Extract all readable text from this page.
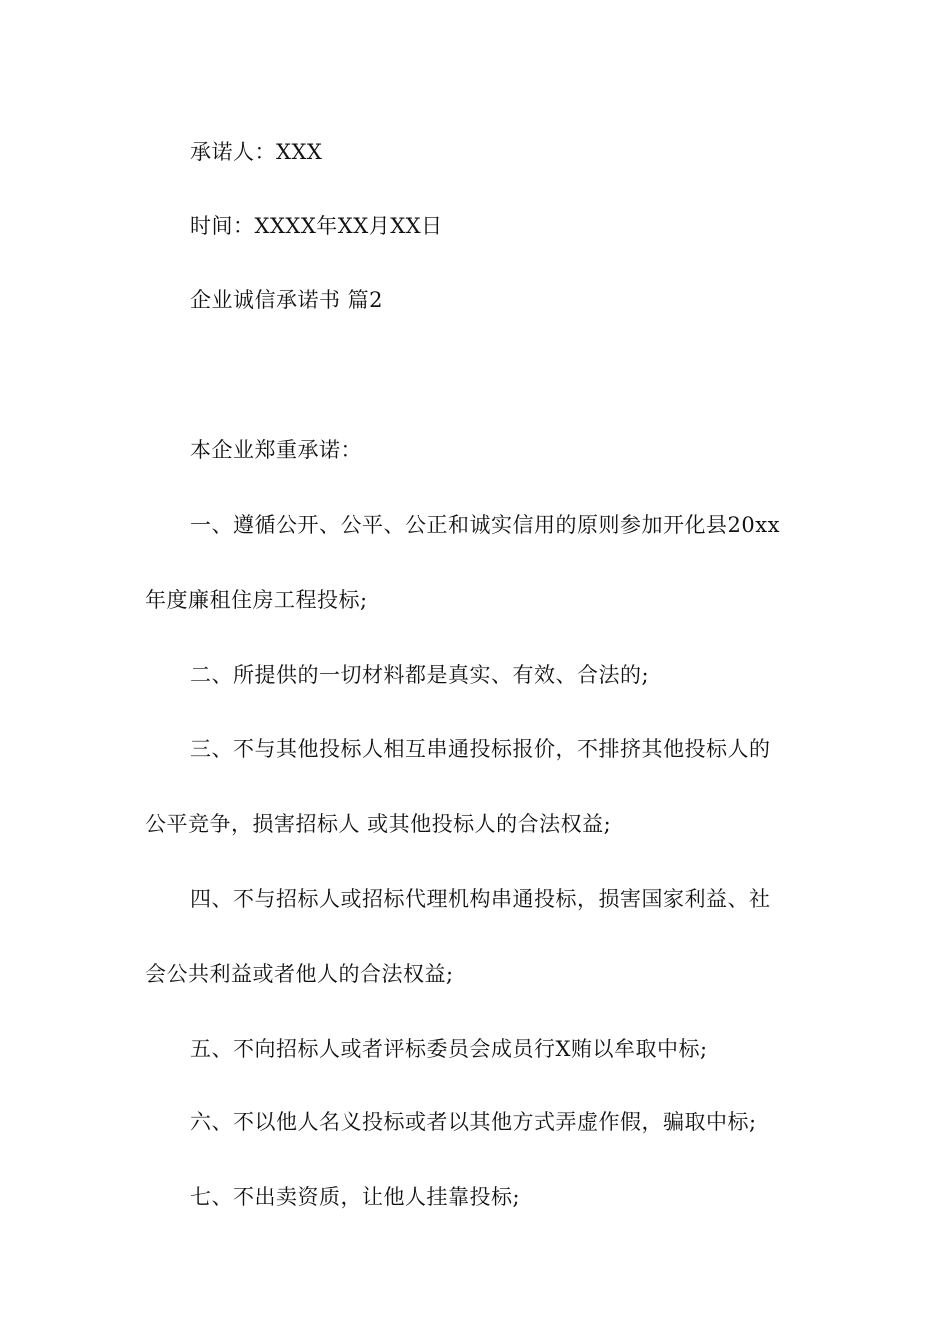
承诺人：XXX
时间：XXXX年XX月XX日
企业诚信承诺书 篇2
本企业郑重承诺：
一、遵循公开、公平、公正和诚实信用的原则参加开化县20xx
年度廉租住房工程投标;
二、所提供的一切材料都是真实、有效、合法的;
三、不与其他投标人相互串通投标报价，不排挤其他投标人的
公平竞争，损害招标人 或其他投标人的合法权益;
四、不与招标人或招标代理机构串通投标，损害国家利益、社
会公共利益或者他人的合法权益;
五、不向招标人或者评标委员会成员行X贿以牟取中标;
六、不以他人名义投标或者以其他方式弄虚作假，骗取中标;
七、不出卖资质，让他人挂靠投标;
